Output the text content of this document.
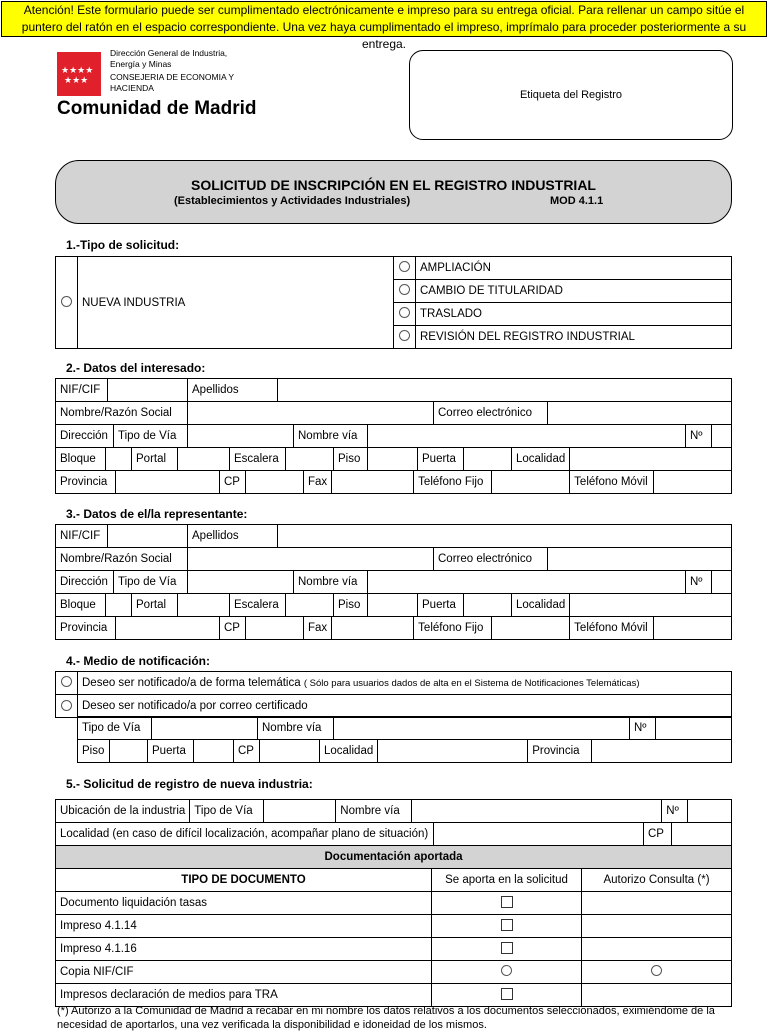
Atención! Este formulario puede ser cumplimentado electrónicamente e impreso para su entrega oficial. Para rellenar un campo sitúe el puntero del ratón en el espacio correspondiente. Una vez haya cumplimentado el impreso, imprímalo para proceder posteriormente a su entrega.
★★★★
★★★
Dirección General de Industria,
Energía y Minas
CONSEJERIA DE ECONOMIA Y
HACIENDA
Comunidad de Madrid
Etiqueta del Registro
SOLICITUD DE INSCRIPCIÓN EN EL REGISTRO INDUSTRIAL
(Establecimientos y Actividades Industriales)	MOD 4.1.1
1.-Tipo de solicitud:
	NUEVA INDUSTRIA		AMPLIACIÓN
			CAMBIO DE TITULARIDAD
			TRASLADO
			REVISIÓN DEL REGISTRO INDUSTRIAL
2.- Datos del interesado:
NIF/CIF		Apellidos	
Nombre/Razón Social		Correo electrónico	
Dirección	Tipo de Vía		Nombre vía		Nº	
Bloque		Portal		Escalera		Piso		Puerta		Localidad	
Provincia		CP		Fax		Teléfono Fijo		Teléfono Móvil	
3.- Datos de el/la representante:
NIF/CIF		Apellidos	
Nombre/Razón Social		Correo electrónico	
Dirección	Tipo de Vía		Nombre vía		Nº	
Bloque		Portal		Escalera		Piso		Puerta		Localidad	
Provincia		CP		Fax		Teléfono Fijo		Teléfono Móvil	
4.- Medio de notificación:
	Deseo ser notificado/a de forma telemática ( Sólo para usuarios dados de alta en el Sistema de Notificaciones Telemáticas)
	Deseo ser notificado/a por correo certificado
Tipo de Vía		Nombre vía		Nº	
Piso		Puerta		CP		Localidad		Provincia	
5.- Solicitud de registro de nueva industria:
Ubicación de la industria	Tipo de Vía		Nombre vía		Nº	
Localidad (en caso de difícil localización, acompañar plano de situación)		CP	
Documentación aportada		
TIPO DE DOCUMENTO	Se aporta en la solicitud	Autorizo Consulta (*)
Documento liquidación tasas		
Impreso 4.1.14		
Impreso 4.1.16		
Copia NIF/CIF		
Impresos declaración de medios para TRA		
(*) Autorizo a la Comunidad de Madrid a recabar en mi nombre los datos relativos a los documentos seleccionados, eximiéndome de la necesidad de aportarlos, una vez verificada la disponibilidad e idoneidad de los mismos.
